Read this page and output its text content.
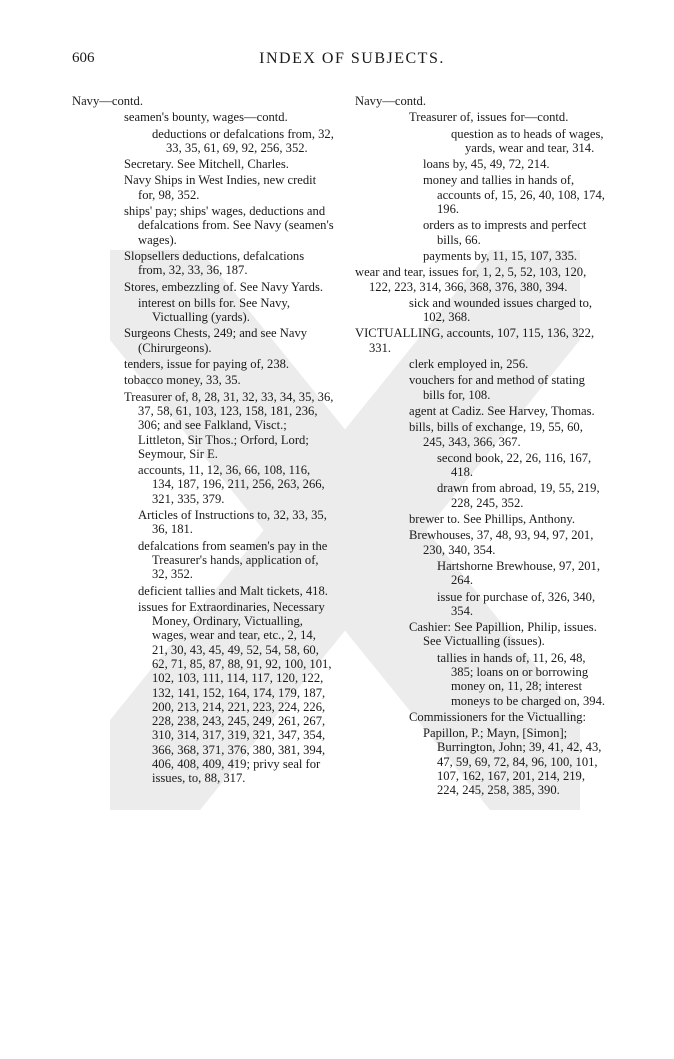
606	INDEX OF SUBJECTS.
Navy—contd.
seamen's bounty, wages—contd.
deductions or defalcations from, 32, 33, 35, 61, 69, 92, 256, 352.
Secretary. See Mitchell, Charles.
Navy Ships in West Indies, new credit for, 98, 352.
ships' pay; ships' wages, deductions and defalcations from. See Navy (seamen's wages).
Slopsellers deductions, defalcations from, 32, 33, 36, 187.
Stores, embezzling of. See Navy Yards.
interest on bills for. See Navy, Victualling (yards).
Surgeons Chests, 249; and see Navy (Chirurgeons).
tenders, issue for paying of, 238.
tobacco money, 33, 35.
Treasurer of, 8, 28, 31, 32, 33, 34, 35, 36, 37, 58, 61, 103, 123, 158, 181, 236, 306; and see Falkland, Visct.; Littleton, Sir Thos.; Orford, Lord; Seymour, Sir E.
accounts, 11, 12, 36, 66, 108, 116, 134, 187, 196, 211, 256, 263, 266, 321, 335, 379.
Articles of Instructions to, 32, 33, 35, 36, 181.
defalcations from seamen's pay in the Treasurer's hands, application of, 32, 352.
deficient tallies and Malt tickets, 418.
issues for Extraordinaries, Necessary Money, Ordinary, Victualling, wages, wear and tear, etc., 2, 14, 21, 30, 43, 45, 49, 52, 54, 58, 60, 62, 71, 85, 87, 88, 91, 92, 100, 101, 102, 103, 111, 114, 117, 120, 122, 132, 141, 152, 164, 174, 179, 187, 200, 213, 214, 221, 223, 224, 226, 228, 238, 243, 245, 249, 261, 267, 310, 314, 317, 319, 321, 347, 354, 366, 368, 371, 376, 380, 381, 394, 406, 408, 409, 419; privy seal for issues, to, 88, 317.
Navy—contd.
Treasurer of, issues for—contd.
question as to heads of wages, yards, wear and tear, 314.
loans by, 45, 49, 72, 214.
money and tallies in hands of, accounts of, 15, 26, 40, 108, 174, 196.
orders as to imprests and perfect bills, 66.
payments by, 11, 15, 107, 335.
wear and tear, issues for, 1, 2, 5, 52, 103, 120, 122, 223, 314, 366, 368, 376, 380, 394.
sick and wounded issues charged to, 102, 368.
VICTUALLING, accounts, 107, 115, 136, 322, 331.
clerk employed in, 256.
vouchers for and method of stating bills for, 108.
agent at Cadiz. See Harvey, Thomas.
bills, bills of exchange, 19, 55, 60, 245, 343, 366, 367.
second book, 22, 26, 116, 167, 418.
drawn from abroad, 19, 55, 219, 228, 245, 352.
brewer to. See Phillips, Anthony.
Brewhouses, 37, 48, 93, 94, 97, 201, 230, 340, 354.
Hartshorne Brewhouse, 97, 201, 264.
issue for purchase of, 326, 340, 354.
Cashier: See Papillion, Philip, issues. See Victualling (issues).
tallies in hands of, 11, 26, 48, 385; loans on or borrowing money on, 11, 28; interest moneys to be charged on, 394.
Commissioners for the Victualling:
Papillon, P.; Mayn, [Simon]; Burrington, John; 39, 41, 42, 43, 47, 59, 69, 72, 84, 96, 100, 101, 107, 162, 167, 201, 214, 219, 224, 245, 258, 385, 390.
